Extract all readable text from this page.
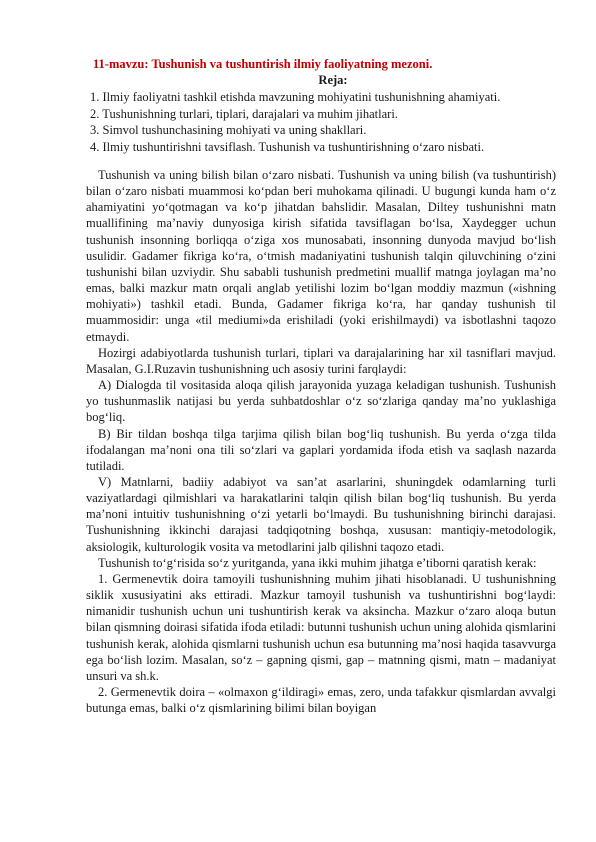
11-mavzu: Tushunish va tushuntirish ilmiy faoliyatning mezoni.

Reja:

1. Ilmiy faoliyatni tashkil etishda mavzuning mohiyatini tushunishning ahamiyati.
2. Tushunishning turlari, tiplari, darajalari va muhim jihatlari.
3. Simvol tushunchasining mohiyati va uning shakllari.
4. Ilmiy tushuntirishni tavsiflash. Tushunish va tushuntirishning o‘zaro nisbati.

Tushunish va uning bilish bilan o‘zaro nisbati. Tushunish va uning bilish (va tushuntirish) bilan o‘zaro nisbati muammosi ko‘pdan beri muhokama qilinadi. U bugungi kunda ham o‘z ahamiyatini yo‘qotmagan va ko‘p jihatdan bahslidir. Masalan, Diltey tushunishni matn muallifining ma’naviy dunyosiga kirish sifatida tavsiflagan bo‘lsa, Xaydegger uchun tushunish insonning borliqqa o‘ziga xos munosabati, insonning dunyoda mavjud bo‘lish usulidir. Gadamer fikriga ko‘ra, o‘tmish madaniyatini tushunish talqin qiluvchining o‘zini tushunishi bilan uzviydir. Shu sababli tushunish predmetini muallif matnga joylagan ma’no emas, balki mazkur matn orqali anglab yetilishi lozim bo‘lgan moddiy mazmun («ishning mohiyati») tashkil etadi. Bunda, Gadamer fikriga ko‘ra, har qanday tushunish til muammosidir: unga «til mediumi»da erishiladi (yoki erishilmaydi) va isbotlashni taqozo etmaydi.

Hozirgi adabiyotlarda tushunish turlari, tiplari va darajalarining har xil tasniflari mavjud. Masalan, G.I.Ruzavin tushunishning uch asosiy turini farqlaydi:

A) Dialogda til vositasida aloqa qilish jarayonida yuzaga keladigan tushunish. Tushunish yo tushunmaslik natijasi bu yerda suhbatdoshlar o‘z so‘zlariga qanday ma’no yuklashiga bog‘liq.

B) Bir tildan boshqa tilga tarjima qilish bilan bog‘liq tushunish. Bu yerda o‘zga tilda ifodalangan ma’noni ona tili so‘zlari va gaplari yordamida ifoda etish va saqlash nazarda tutiladi.

V) Matnlarni, badiiy adabiyot va san’at asarlarini, shuningdek odamlarning turli vaziyatlardagi qilmishlari va harakatlarini talqin qilish bilan bog‘liq tushunish. Bu yerda ma’noni intuitiv tushunishning o‘zi yetarli bo‘lmaydi. Bu tushunishning birinchi darajasi. Tushunishning ikkinchi darajasi tadqiqotning boshqa, xususan: mantiqiy-metodologik, aksiologik, kulturologik vosita va metodlarini jalb qilishni taqozo etadi.

Tushunish to‘g‘risida so‘z yuritganda, yana ikki muhim jihatga e’tiborni qaratish kerak:

1. Germenevtik doira tamoyili tushunishning muhim jihati hisoblanadi. U tushunishning siklik xususiyatini aks ettiradi. Mazkur tamoyil tushunish va tushuntirishni bog‘laydi: nimanidir tushunish uchun uni tushuntirish kerak va aksincha. Mazkur o‘zaro aloqa butun bilan qismning doirasi sifatida ifoda etiladi: butunni tushunish uchun uning alohida qismlarini tushunish kerak, alohida qismlarni tushunish uchun esa butunning ma’nosi haqida tasavvurga ega bo‘lish lozim. Masalan, so‘z – gapning qismi, gap – matnning qismi, matn – madaniyat unsuri va sh.k.

2. Germenevtik doira – «olmaxon g‘ildiragi» emas, zero, unda tafakkur qismlardan avvalgi butunga emas, balki o‘z qismlarining bilimi bilan boyigan
